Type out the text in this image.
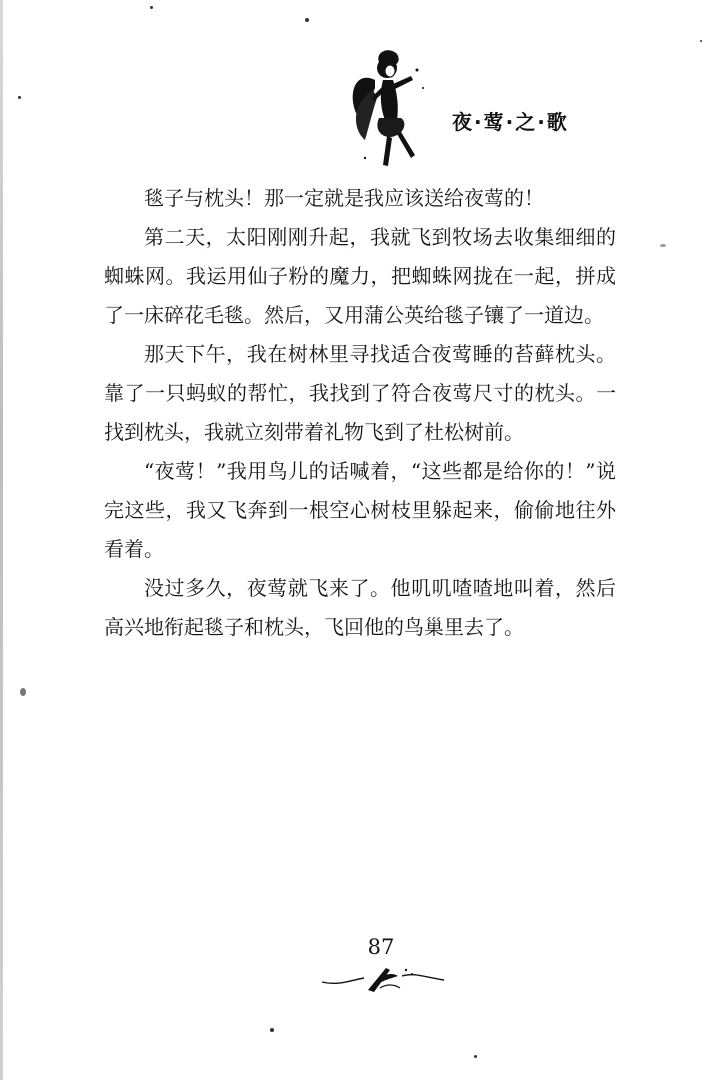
夜·莺·之·歌

毯子与枕头！那一定就是我应该送给夜莺的！

第二天，太阳刚刚升起，我就飞到牧场去收集细细的蜘蛛网。我运用仙子粉的魔力，把蜘蛛网拢在一起，拼成了一床碎花毛毯。然后，又用蒲公英给毯子镶了一道边。

那天下午，我在树林里寻找适合夜莺睡的苔藓枕头。靠了一只蚂蚁的帮忙，我找到了符合夜莺尺寸的枕头。一找到枕头，我就立刻带着礼物飞到了杜松树前。

“夜莺！”我用鸟儿的话喊着，“这些都是给你的！”说完这些，我又飞奔到一根空心树枝里躲起来，偷偷地往外看着。

没过多久，夜莺就飞来了。他叽叽喳喳地叫着，然后高兴地衔起毯子和枕头，飞回他的鸟巢里去了。

87
